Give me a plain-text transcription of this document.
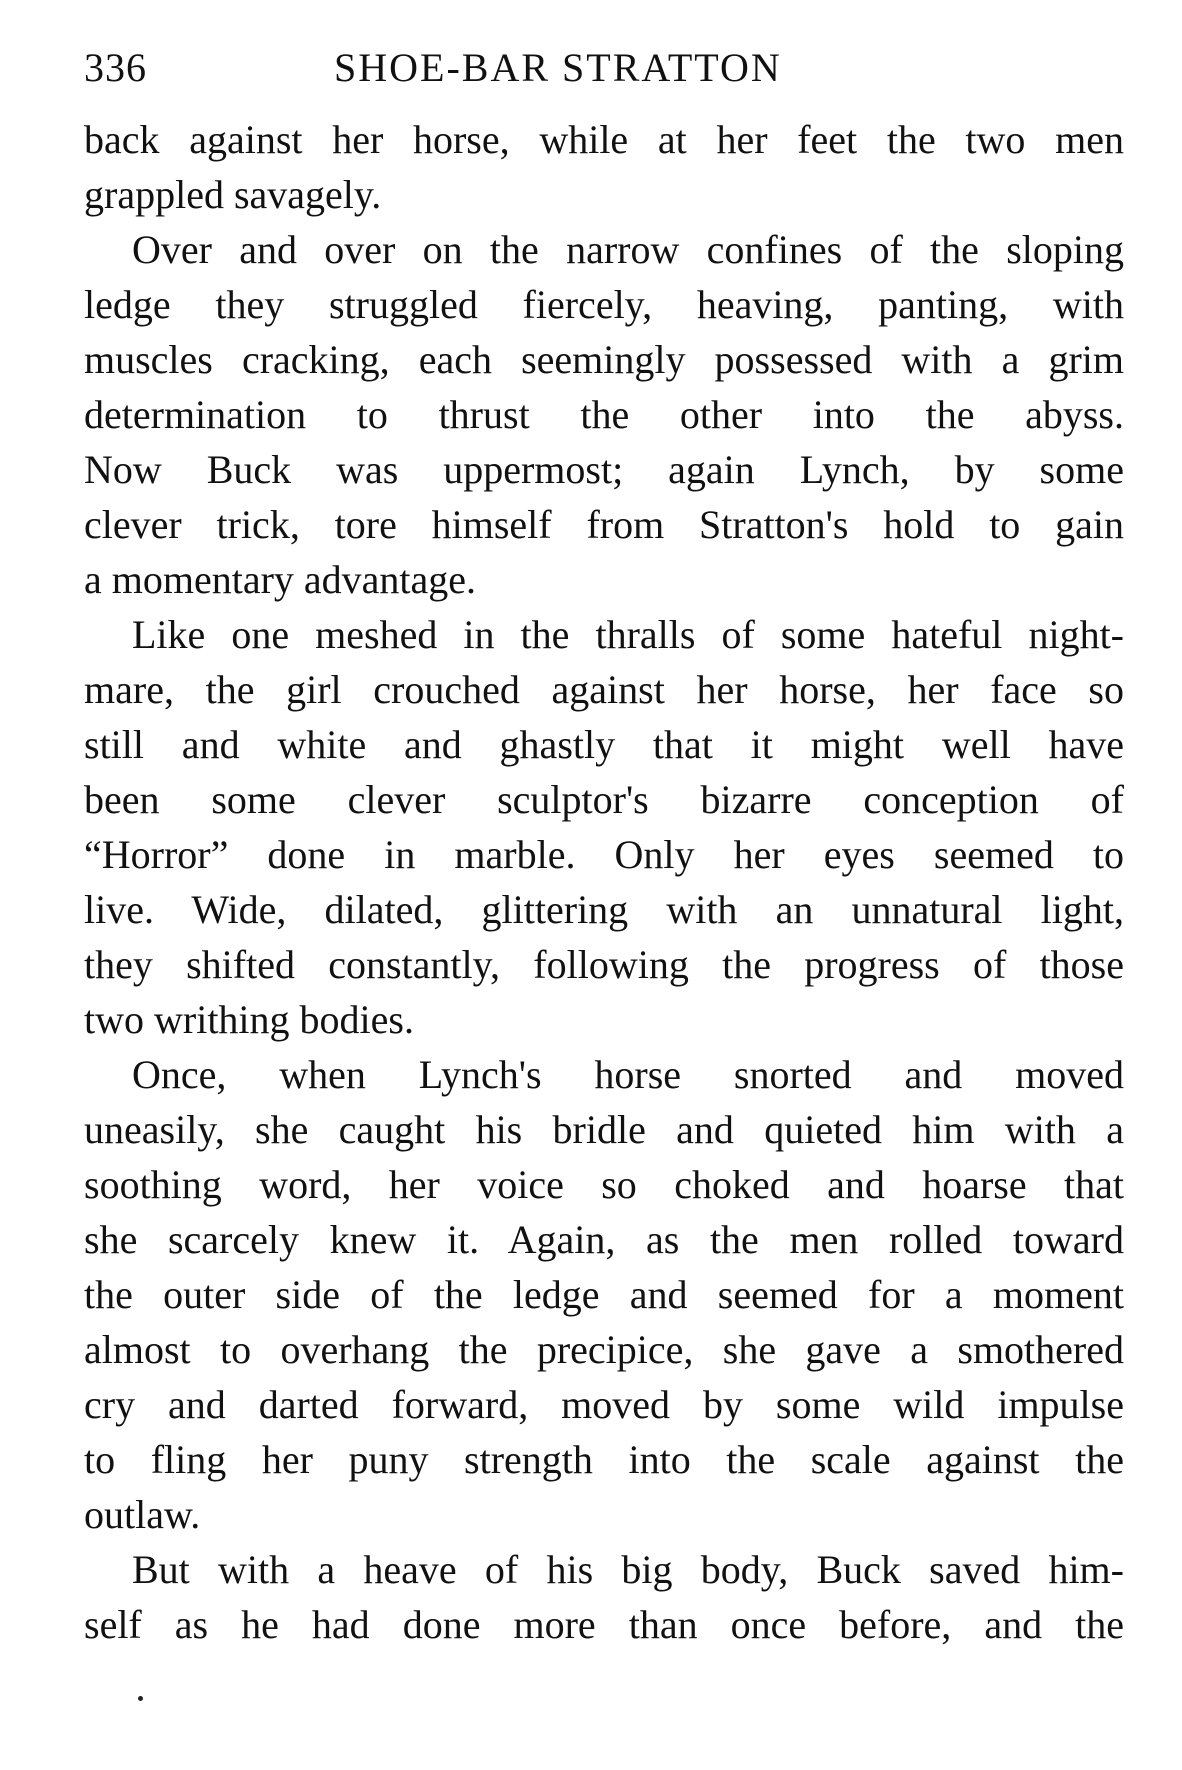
336	SHOE-BAR STRATTON
back against her horse, while at her feet the two men
grappled savagely.
Over and over on the narrow confines of the sloping
ledge they struggled fiercely, heaving, panting, with
muscles cracking, each seemingly possessed with a grim
determination to thrust the other into the abyss.
Now Buck was uppermost; again Lynch, by some
clever trick, tore himself from Stratton's hold to gain
a momentary advantage.
Like one meshed in the thralls of some hateful night-
mare, the girl crouched against her horse, her face so
still and white and ghastly that it might well have
been some clever sculptor's bizarre conception of
“Horror” done in marble. Only her eyes seemed to
live. Wide, dilated, glittering with an unnatural light,
they shifted constantly, following the progress of those
two writhing bodies.
Once, when Lynch's horse snorted and moved
uneasily, she caught his bridle and quieted him with a
soothing word, her voice so choked and hoarse that
she scarcely knew it. Again, as the men rolled toward
the outer side of the ledge and seemed for a moment
almost to overhang the precipice, she gave a smothered
cry and darted forward, moved by some wild impulse
to fling her puny strength into the scale against the
outlaw.
But with a heave of his big body, Buck saved him-
self as he had done more than once before, and the
